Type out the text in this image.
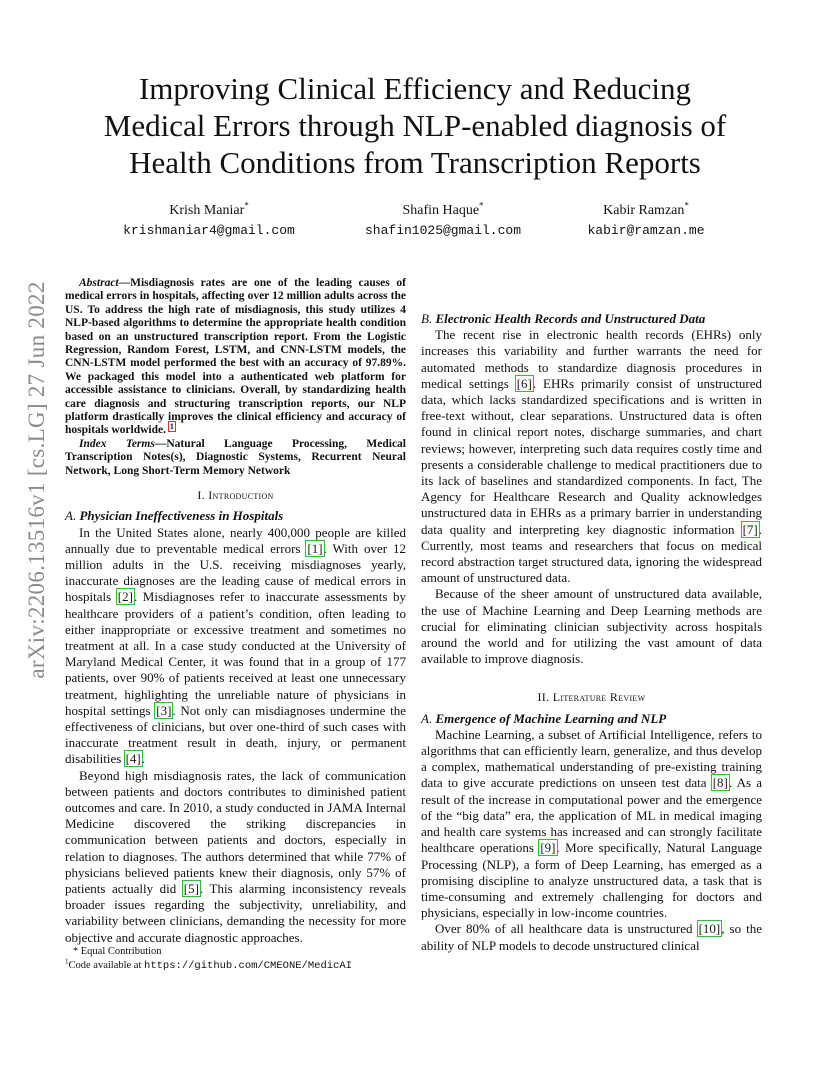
arXiv:2206.13516v1 [cs.LG] 27 Jun 2022
Improving Clinical Efficiency and Reducing
Medical Errors through NLP-enabled diagnosis of
Health Conditions from Transcription Reports
Krish Maniar*
krishmaniar4@gmail.com
Shafin Haque*
shafin1025@gmail.com
Kabir Ramzan*
kabir@ramzan.me

Abstract—Misdiagnosis rates are one of the leading causes of medical errors in hospitals, affecting over 12 million adults across the US. To address the high rate of misdiagnosis, this study utilizes 4 NLP-based algorithms to determine the appropriate health condition based on an unstructured transcription report. From the Logistic Regression, Random Forest, LSTM, and CNN-LSTM models, the CNN-LSTM model performed the best with an accuracy of 97.89%. We packaged this model into a authenticated web platform for accessible assistance to clinicians. Overall, by standardizing health care diagnosis and structuring transcription reports, our NLP platform drastically improves the clinical efficiency and accuracy of hospitals worldwide. $^1$

Index Terms—Natural Language Processing, Medical Transcription Notes(s), Diagnostic Systems, Recurrent Neural Network, Long Short-Term Memory Network

I. Introduction

A. Physician Ineffectiveness in Hospitals

In the United States alone, nearly 400,000 people are killed annually due to preventable medical errors [1]. With over 12 million adults in the U.S. receiving misdiagnoses yearly, inaccurate diagnoses are the leading cause of medical errors in hospitals [2]. Misdiagnoses refer to inaccurate assessments by healthcare providers of a patient’s condition, often leading to either inappropriate or excessive treatment and sometimes no treatment at all. In a case study conducted at the University of Maryland Medical Center, it was found that in a group of 177 patients, over 90% of patients received at least one unnecessary treatment, highlighting the unreliable nature of physicians in hospital settings [3]. Not only can misdiagnoses undermine the effectiveness of clinicians, but over one-third of such cases with inaccurate treatment result in death, injury, or permanent disabilities [4].

Beyond high misdiagnosis rates, the lack of communication between patients and doctors contributes to diminished patient outcomes and care. In 2010, a study conducted in JAMA Internal Medicine discovered the striking discrepancies in communication between patients and doctors, especially in relation to diagnoses. The authors determined that while 77% of physicians believed patients knew their diagnosis, only 57% of patients actually did [5]. This alarming inconsistency reveals broader issues regarding the subjectivity, unreliability, and variability between clinicians, demanding the necessity for more objective and accurate diagnostic approaches.

B. Electronic Health Records and Unstructured Data

The recent rise in electronic health records (EHRs) only increases this variability and further warrants the need for automated methods to standardize diagnosis procedures in medical settings [6]. EHRs primarily consist of unstructured data, which lacks standardized specifications and is written in free-text without, clear separations. Unstructured data is often found in clinical report notes, discharge summaries, and chart reviews; however, interpreting such data requires costly time and presents a considerable challenge to medical practitioners due to its lack of baselines and standardized components. In fact, The Agency for Healthcare Research and Quality acknowledges unstructured data in EHRs as a primary barrier in understanding data quality and interpreting key diagnostic information [7]. Currently, most teams and researchers that focus on medical record abstraction target structured data, ignoring the widespread amount of unstructured data.

Because of the sheer amount of unstructured data available, the use of Machine Learning and Deep Learning methods are crucial for eliminating clinician subjectivity across hospitals around the world and for utilizing the vast amount of data available to improve diagnosis.

II. Literature Review

A. Emergence of Machine Learning and NLP

Machine Learning, a subset of Artificial Intelligence, refers to algorithms that can efficiently learn, generalize, and thus develop a complex, mathematical understanding of pre-existing training data to give accurate predictions on unseen test data [8]. As a result of the increase in computational power and the emergence of the “big data” era, the application of ML in medical imaging and health care systems has increased and can strongly facilitate healthcare operations [9]. More specifically, Natural Language Processing (NLP), a form of Deep Learning, has emerged as a promising discipline to analyze unstructured data, a task that is time-consuming and extremely challenging for doctors and physicians, especially in low-income countries.

Over 80% of all healthcare data is unstructured [10], so the ability of NLP models to decode unstructured clinical

* Equal Contribution
$^1$Code available at https://github.com/CMEONE/MedicAI
